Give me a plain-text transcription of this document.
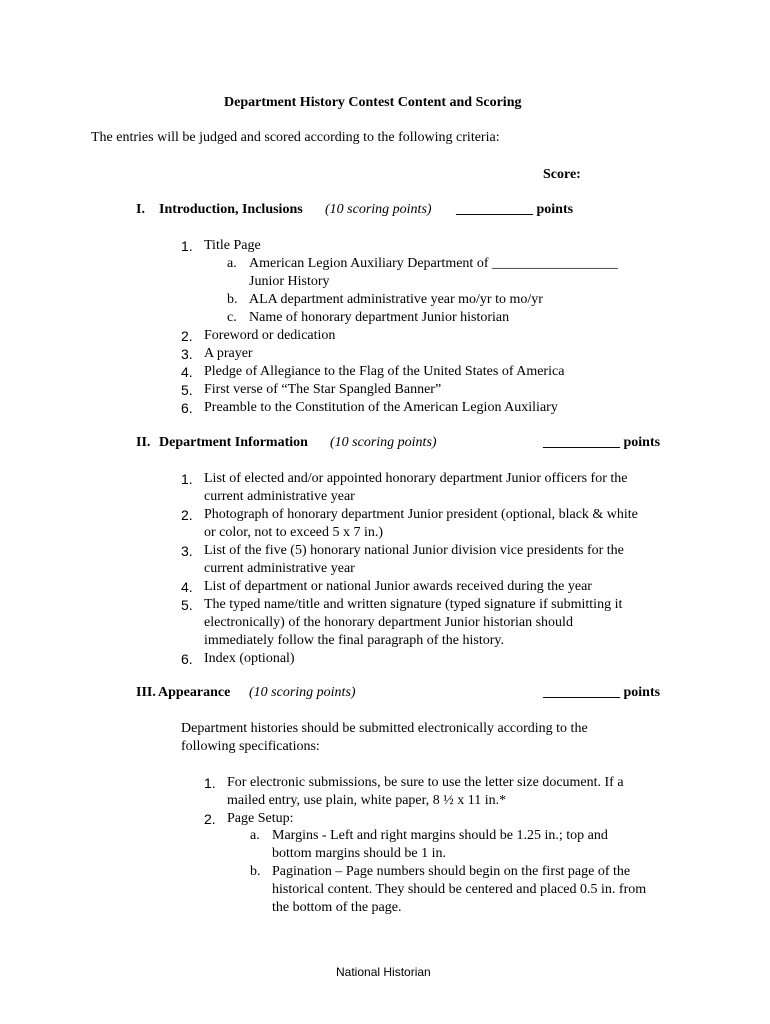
Department History Contest Content and Scoring
The entries will be judged and scored according to the following criteria:
Score:
I. Introduction, Inclusions (10 scoring points) ___________ points
1. Title Page
a. American Legion Auxiliary Department of __________________
Junior History
b. ALA department administrative year mo/yr to mo/yr
c. Name of honorary department Junior historian
2. Foreword or dedication
3. A prayer
4. Pledge of Allegiance to the Flag of the United States of America
5. First verse of “The Star Spangled Banner”
6. Preamble to the Constitution of the American Legion Auxiliary
II. Department Information (10 scoring points)	___________ points
1. List of elected and/or appointed honorary department Junior officers for the
current administrative year
2. Photograph of honorary department Junior president (optional, black & white
or color, not to exceed 5 x 7 in.)
3. List of the five (5) honorary national Junior division vice presidents for the
current administrative year
4. List of department or national Junior awards received during the year
5. The typed name/title and written signature (typed signature if submitting it
electronically) of the honorary department Junior historian should
immediately follow the final paragraph of the history.
6. Index (optional)
III. Appearance (10 scoring points)	___________ points
Department histories should be submitted electronically according to the
following specifications:
1. For electronic submissions, be sure to use the letter size document. If a
mailed entry, use plain, white paper, 8 ½ x 11 in.*
2. Page Setup:
a. Margins - Left and right margins should be 1.25 in.; top and
bottom margins should be 1 in.
b. Pagination – Page numbers should begin on the first page of the
historical content. They should be centered and placed 0.5 in. from
the bottom of the page.
National Historian
